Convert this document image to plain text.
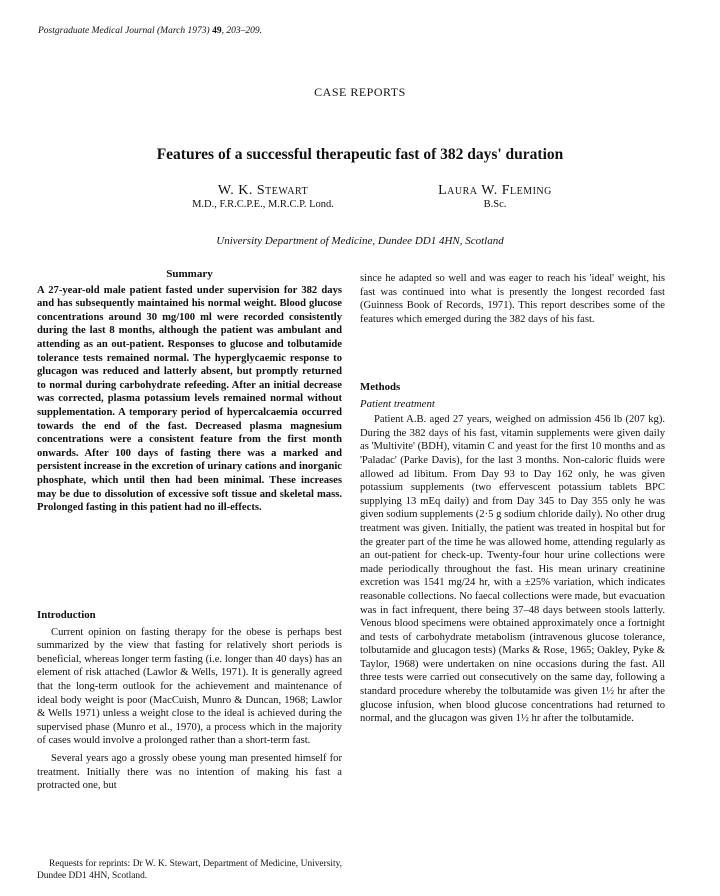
Postgraduate Medical Journal (March 1973) 49, 203–209.
CASE REPORTS
Features of a successful therapeutic fast of 382 days' duration
W. K. Stewart
M.D., F.R.C.P.E., M.R.C.P. Lond.
Laura W. Fleming
B.Sc.
University Department of Medicine, Dundee DD1 4HN, Scotland
Summary

A 27-year-old male patient fasted under supervision for 382 days and has subsequently maintained his normal weight. Blood glucose concentrations around 30 mg/100 ml were recorded consistently during the last 8 months, although the patient was ambulant and attending as an out-patient. Responses to glucose and tolbutamide tolerance tests remained normal. The hyperglycaemic response to glucagon was reduced and latterly absent, but promptly returned to normal during carbohydrate refeeding. After an initial decrease was corrected, plasma potassium levels remained normal without supplementation. A temporary period of hypercalcaemia occurred towards the end of the fast. Decreased plasma magnesium concentrations were a consistent feature from the first month onwards. After 100 days of fasting there was a marked and persistent increase in the excretion of urinary cations and inorganic phosphate, which until then had been minimal. These increases may be due to dissolution of excessive soft tissue and skeletal mass. Prolonged fasting in this patient had no ill-effects.

Introduction

Current opinion on fasting therapy for the obese is perhaps best summarized by the view that fasting for relatively short periods is beneficial, whereas longer term fasting (i.e. longer than 40 days) has an element of risk attached (Lawlor & Wells, 1971). It is generally agreed that the long-term outlook for the achievement and maintenance of ideal body weight is poor (MacCuish, Munro & Duncan, 1968; Lawlor & Wells 1971) unless a weight close to the ideal is achieved during the supervised phase (Munro et al., 1970), a process which in the majority of cases would involve a prolonged rather than a short-term fast.

Several years ago a grossly obese young man presented himself for treatment. Initially there was no intention of making his fast a protracted one, but

Requests for reprints: Dr W. K. Stewart, Department of Medicine, University, Dundee DD1 4HN, Scotland.

since he adapted so well and was eager to reach his 'ideal' weight, his fast was continued into what is presently the longest recorded fast (Guinness Book of Records, 1971). This report describes some of the features which emerged during the 382 days of his fast.

Methods
Patient treatment

Patient A.B. aged 27 years, weighed on admission 456 lb (207 kg). During the 382 days of his fast, vitamin supplements were given daily as 'Multivite' (BDH), vitamin C and yeast for the first 10 months and as 'Paladac' (Parke Davis), for the last 3 months. Non-caloric fluids were allowed ad libitum. From Day 93 to Day 162 only, he was given potassium supplements (two effervescent potassium tablets BPC supplying 13 mEq daily) and from Day 345 to Day 355 only he was given sodium supplements (2·5 g sodium chloride daily). No other drug treatment was given. Initially, the patient was treated in hospital but for the greater part of the time he was allowed home, attending regularly as an out-patient for check-up. Twenty-four hour urine collections were made periodically throughout the fast. His mean urinary creatinine excretion was 1541 mg/24 hr, with a ±25% variation, which indicates reasonable collections. No faecal collections were made, but evacuation was in fact infrequent, there being 37–48 days between stools latterly. Venous blood specimens were obtained approximately once a fortnight and tests of carbohydrate metabolism (intravenous glucose tolerance, tolbutamide and glucagon tests) (Marks & Rose, 1965; Oakley, Pyke & Taylor, 1968) were undertaken on nine occasions during the fast. All three tests were carried out consecutively on the same day, following a standard procedure whereby the tolbutamide was given 1½ hr after the glucose infusion, when blood glucose concentrations had returned to normal, and the glucagon was given 1½ hr after the tolbutamide.
